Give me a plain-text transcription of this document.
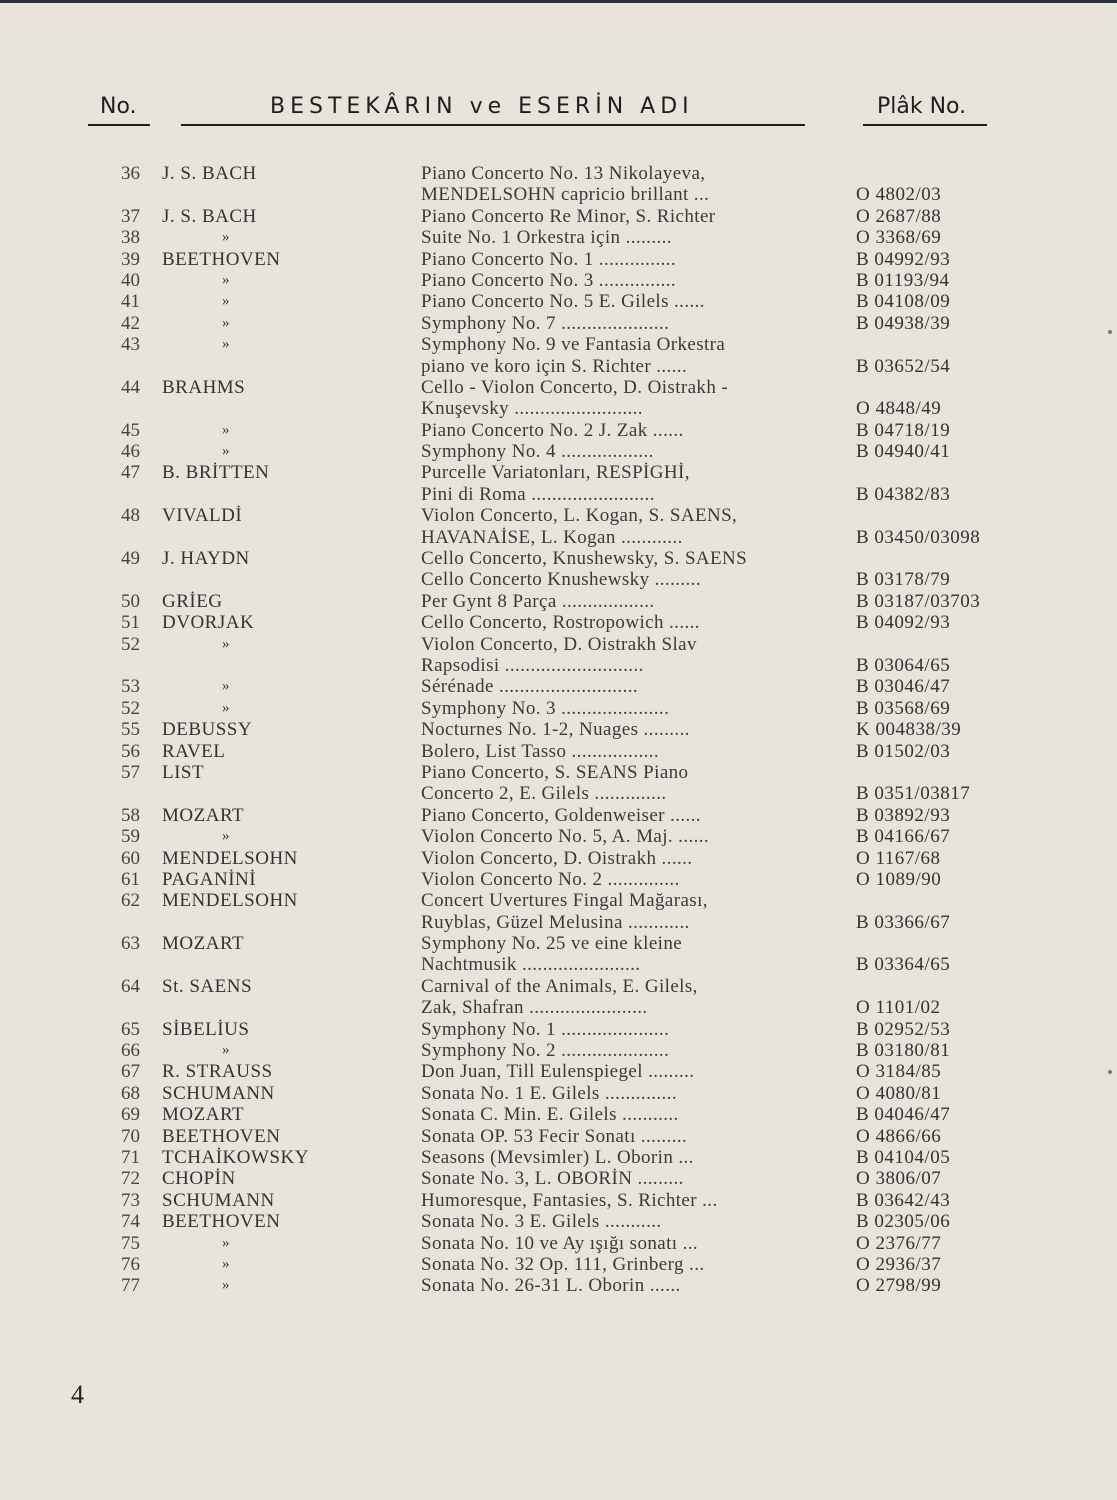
No.	BESTEKÂRIN ve ESERİN ADI	Plâk No.
36 J. S. BACH	Piano Concerto No. 13 Nikolayeva,
MENDELSOHN capricio brillant ...	O 4802/03
37 J. S. BACH	Piano Concerto Re Minor, S. Richter	O 2687/88
38	»	Suite No. 1 Orkestra için .........	O 3368/69
39 BEETHOVEN	Piano Concerto No. 1 ...............	B 04992/93
40	»	Piano Concerto No. 3 ...............	B 01193/94
41	»	Piano Concerto No. 5 E. Gilels ......	B 04108/09
42	»	Symphony No. 7 .....................	B 04938/39
43	»	Symphony No. 9 ve Fantasia Orkestra
piano ve koro için S. Richter ......	B 03652/54
44 BRAHMS	Cello - Violon Concerto, D. Oistrakh -
Knuşevsky .........................	O 4848/49
45	»	Piano Concerto No. 2 J. Zak ......	B 04718/19
46	»	Symphony No. 4 ..................	B 04940/41
47 B. BRİTTEN	Purcelle Variatonları, RESPİGHİ,
Pini di Roma ........................	B 04382/83
48 VIVALDİ	Violon Concerto, L. Kogan, S. SAENS,
HAVANAİSE, L. Kogan ............	B 03450/03098
49 J. HAYDN	Cello Concerto, Knushewsky, S. SAENS
Cello Concerto Knushewsky .........	B 03178/79
50 GRİEG	Per Gynt 8 Parça ..................	B 03187/03703
51 DVORJAK	Cello Concerto, Rostropowich ......	B 04092/93
52	»	Violon Concerto, D. Oistrakh Slav
Rapsodisi ...........................	B 03064/65
53	»	Sérénade ...........................	B 03046/47
52	»	Symphony No. 3 .....................	B 03568/69
55 DEBUSSY	Nocturnes No. 1-2, Nuages .........	K 004838/39
56 RAVEL	Bolero, List Tasso .................	B 01502/03
57 LIST	Piano Concerto, S. SEANS Piano
Concerto 2, E. Gilels ..............	B 0351/03817
58 MOZART	Piano Concerto, Goldenweiser ......	B 03892/93
59	»	Violon Concerto No. 5, A. Maj. ......	B 04166/67
60 MENDELSOHN	Violon Concerto, D. Oistrakh ......	O 1167/68
61 PAGANİNİ	Violon Concerto No. 2 ..............	O 1089/90
62 MENDELSOHN	Concert Uvertures Fingal Mağarası,
Ruyblas, Güzel Melusina ............	B 03366/67
63 MOZART	Symphony No. 25 ve eine kleine
Nachtmusik .......................	B 03364/65
64 St. SAENS	Carnival of the Animals, E. Gilels,
Zak, Shafran .......................	O 1101/02
65 SİBELİUS	Symphony No. 1 .....................	B 02952/53
66	»	Symphony No. 2 .....................	B 03180/81
67 R. STRAUSS	Don Juan, Till Eulenspiegel .........	O 3184/85
68 SCHUMANN	Sonata No. 1 E. Gilels ..............	O 4080/81
69 MOZART	Sonata C. Min. E. Gilels ...........	B 04046/47
70 BEETHOVEN	Sonata OP. 53 Fecir Sonatı .........	O 4866/66
71 TCHAİKOWSKY	Seasons (Mevsimler) L. Oborin ...	B 04104/05
72 CHOPİN	Sonate No. 3, L. OBORİN .........	O 3806/07
73 SCHUMANN	Humoresque, Fantasies, S. Richter ...	B 03642/43
74 BEETHOVEN	Sonata No. 3 E. Gilels ...........	B 02305/06
75	»	Sonata No. 10 ve Ay ışığı sonatı ...	O 2376/77
76	»	Sonata No. 32 Op. 111, Grinberg ...	O 2936/37
77	»	Sonata No. 26-31 L. Oborin ......	O 2798/99
4
